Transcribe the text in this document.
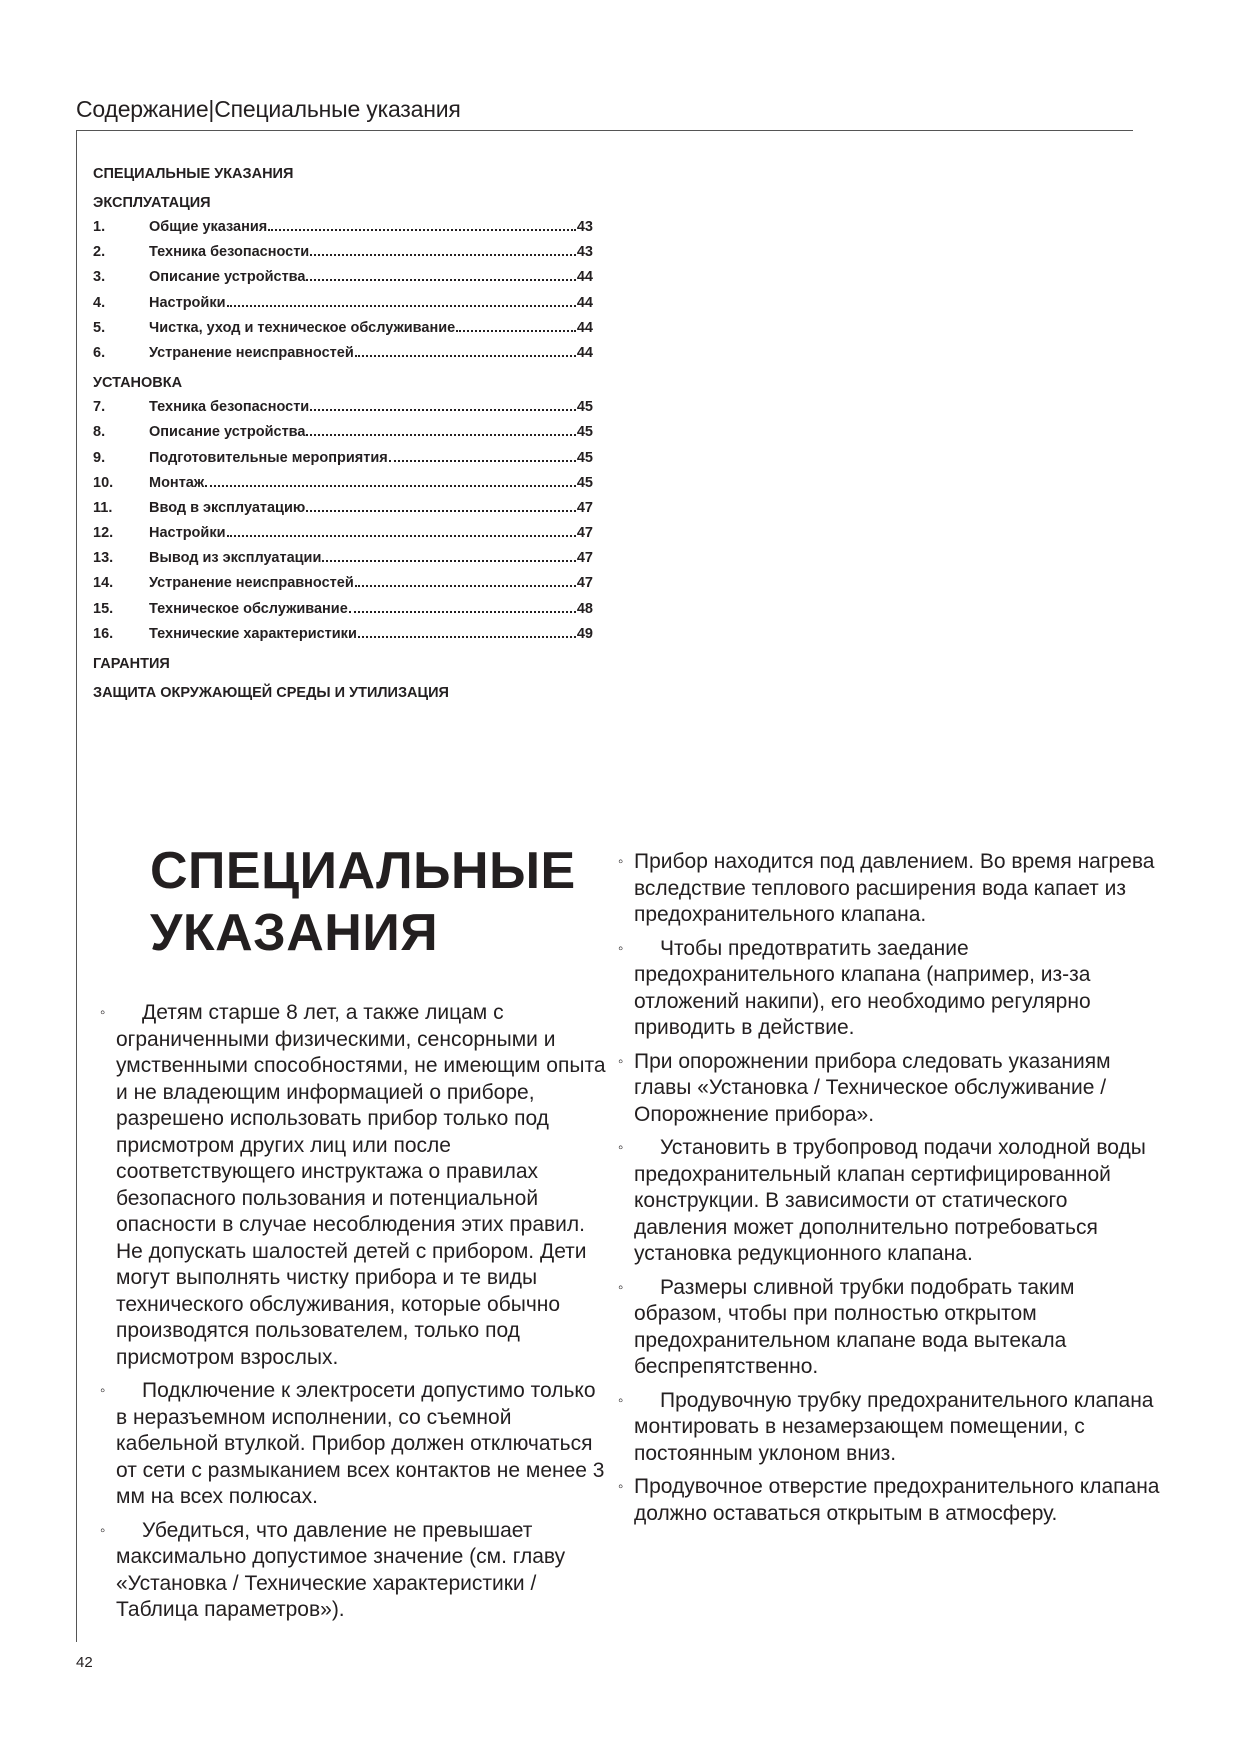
Содержание|Специальные указания
СПЕЦИАЛЬНЫЕ УКАЗАНИЯ
ЭКСПЛУАТАЦИЯ
1.	Общие указания	43
2.	Техника безопасности	43
3.	Описание устройства	44
4.	Настройки	44
5.	Чистка, уход и техническое обслуживание	44
6.	Устранение неисправностей	44
УСТАНОВКА
7.	Техника безопасности	45
8.	Описание устройства	45
9.	Подготовительные мероприятия	45
10.	Монтаж	45
11.	Ввод в эксплуатацию	47
12.	Настройки	47
13.	Вывод из эксплуатации	47
14.	Устранение неисправностей	47
15.	Техническое обслуживание	48
16.	Технические характеристики	49
ГАРАНТИЯ
ЗАЩИТА ОКРУЖАЮЩЕЙ СРЕДЫ И УТИЛИЗАЦИЯ
СПЕЦИАЛЬНЫЕ
УКАЗАНИЯ
◦	Детям старше 8 лет, а также лицам с ограниченными физическими, сенсорными и умственными способностями, не имеющим опыта и не владеющим информацией о приборе, разрешено использовать прибор только под присмотром других лиц или после соответствующего инструктажа о правилах безопасного пользования и потенциальной опасности в случае несоблюдения этих правил. Не допускать шалостей детей с прибором. Дети могут выполнять чистку прибора и те виды технического обслуживания, которые обычно производятся пользователем, только под присмотром взрослых.
◦	Подключение к электросети допустимо только в неразъемном исполнении, со съемной кабельной втулкой. Прибор должен отключаться от сети с размыканием всех контактов не менее 3 мм на всех полюсах.
◦	Убедиться, что давление не превышает максимально допустимое значение (см. главу «Установка / Технические характеристики / Таблица параметров»).
◦ Прибор находится под давлением. Во время нагрева вследствие теплового расширения вода капает из предохранительного клапана.
◦	Чтобы предотвратить заедание предохранительного клапана (например, из-за отложений накипи), его необходимо регулярно приводить в действие.
◦ При опорожнении прибора следовать указаниям главы «Установка / Техническое обслуживание / Опорожнение прибора».
◦	Установить в трубопровод подачи холодной воды предохранительный клапан сертифицированной конструкции. В зависимости от статического давления может дополнительно потребоваться установка редукционного клапана.
◦	Размеры сливной трубки подобрать таким образом, чтобы при полностью открытом предохранительном клапане вода вытекала беспрепятственно.
◦	Продувочную трубку предохранительного клапана монтировать в незамерзающем помещении, с постоянным уклоном вниз.
◦ Продувочное отверстие предохранительного клапана должно оставаться открытым в атмосферу.
42
